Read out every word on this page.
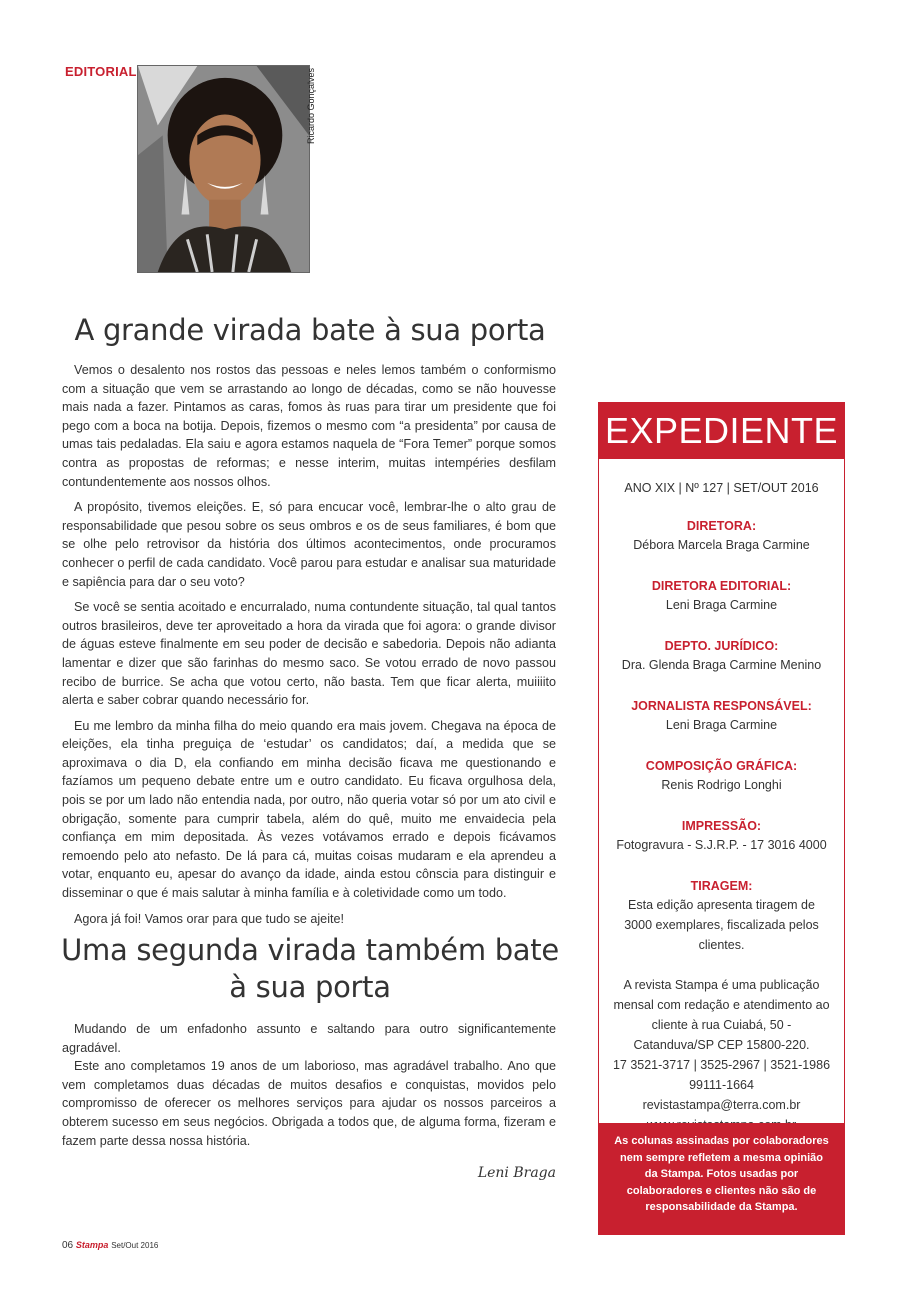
EDITORIAL	Ricardo Gonçalves
A grande virada bate à sua porta

Vemos o desalento nos rostos das pessoas e neles lemos também o conformismo com a situação que vem se arrastando ao longo de décadas, como se não houvesse mais nada a fazer. Pintamos as caras, fomos às ruas para tirar um presidente que foi pego com a boca na botija. Depois, fizemos o mesmo com “a presidenta” por causa de umas tais pedaladas. Ela saiu e agora estamos naquela de “Fora Temer” porque somos contra as propostas de reformas; e nesse interim, muitas intempéries desfilam contundentemente aos nossos olhos.

A propósito, tivemos eleições. E, só para encucar você, lembrar-lhe o alto grau de responsabilidade que pesou sobre os seus ombros e os de seus familiares, é bom que se olhe pelo retrovisor da história dos últimos acontecimentos, onde procuramos conhecer o perfil de cada candidato. Você parou para estudar e analisar sua maturidade e sapiência para dar o seu voto?

Se você se sentia acoitado e encurralado, numa contundente situação, tal qual tantos outros brasileiros, deve ter aproveitado a hora da virada que foi agora: o grande divisor de águas esteve finalmente em seu poder de decisão e sabedoria. Depois não adianta lamentar e dizer que são farinhas do mesmo saco. Se votou errado de novo passou recibo de burrice. Se acha que votou certo, não basta. Tem que ficar alerta, muiiiito alerta e saber cobrar quando necessário for.

Eu me lembro da minha filha do meio quando era mais jovem. Chegava na época de eleições, ela tinha preguiça de ‘estudar’ os candidatos; daí, a medida que se aproximava o dia D, ela confiando em minha decisão ficava me questionando e fazíamos um pequeno debate entre um e outro candidato. Eu ficava orgulhosa dela, pois se por um lado não entendia nada, por outro, não queria votar só por um ato civil e obrigação, somente para cumprir tabela, além do quê, muito me envaidecia pela confiança em mim depositada. Às vezes votávamos errado e depois ficávamos remoendo pelo ato nefasto. De lá para cá, muitas coisas mudaram e ela aprendeu a votar, enquanto eu, apesar do avanço da idade, ainda estou cônscia para distinguir e disseminar o que é mais salutar à minha família e à coletividade como um todo.

Agora já foi! Vamos orar para que tudo se ajeite!

Uma segunda virada também bate à sua porta

Mudando de um enfadonho assunto e saltando para outro significantemente agradável.

Este ano completamos 19 anos de um laborioso, mas agradável trabalho. Ano que vem completamos duas décadas de muitos desafios e conquistas, movidos pelo compromisso de oferecer os melhores serviços para ajudar os nossos parceiros a obterem sucesso em seus negócios. Obrigada a todos que, de alguma forma, fizeram e fazem parte dessa nossa história.

Leni Braga
06 Stampa Set/Out 2016
EXPEDIENTE
ANO XIX | Nº 127 | SET/OUT 2016
DIRETORA:
Débora Marcela Braga Carmine
DIRETORA EDITORIAL:
Leni Braga Carmine
DEPTO. JURÍDICO:
Dra. Glenda Braga Carmine Menino
JORNALISTA RESPONSÁVEL:
Leni Braga Carmine
COMPOSIÇÃO GRÁFICA:
Renis Rodrigo Longhi
IMPRESSÃO:
Fotogravura - S.J.R.P. - 17 3016 4000
TIRAGEM:
Esta edição apresenta tiragem de 3000 exemplares, fiscalizada pelos clientes.
A revista Stampa é uma publicação mensal com redação e atendimento ao cliente à rua Cuiabá, 50 - Catanduva/SP CEP 15800-220.
17 3521-3717 | 3525-2967 | 3521-1986
99111-1664
revistastampa@terra.com.br
As colunas assinadas por colaboradores nem sempre refletem a mesma opinião da Stampa. Fotos usadas por colaboradores e clientes não são de responsabilidade da Stampa.
